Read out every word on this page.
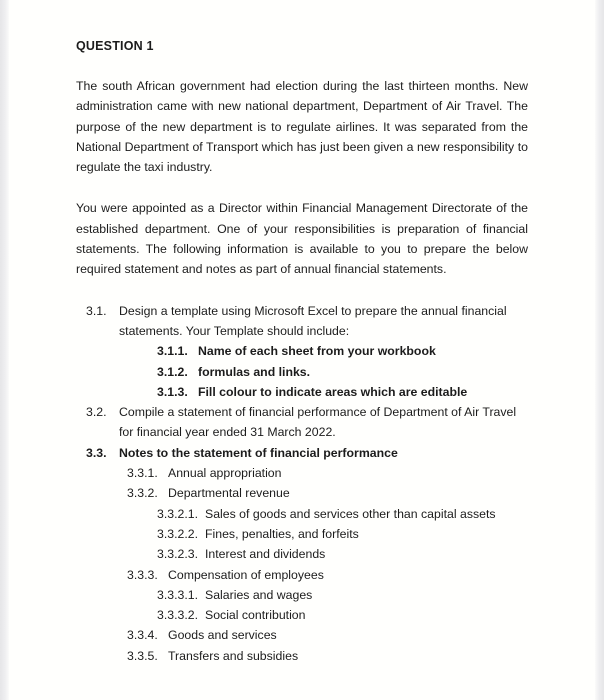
QUESTION 1

The south African government had election during the last thirteen months. New administration came with new national department, Department of Air Travel. The purpose of the new department is to regulate airlines. It was separated from the National Department of Transport which has just been given a new responsibility to regulate the taxi industry.

You were appointed as a Director within Financial Management Directorate of the established department. One of your responsibilities is preparation of financial statements. The following information is available to you to prepare the below required statement and notes as part of annual financial statements.

3.1.	Design a template using Microsoft Excel to prepare the annual financial statements. Your Template should include:
3.1.1. Name of each sheet from your workbook
3.1.2. formulas and links.
3.1.3. Fill colour to indicate areas which are editable
3.2.	Compile a statement of financial performance of Department of Air Travel for financial year ended 31 March 2022.
3.3.	Notes to the statement of financial performance
3.3.1. Annual appropriation
3.3.2. Departmental revenue
3.3.2.1. Sales of goods and services other than capital assets
3.3.2.2. Fines, penalties, and forfeits
3.3.2.3. Interest and dividends
3.3.3. Compensation of employees
3.3.3.1. Salaries and wages
3.3.3.2. Social contribution
3.3.4. Goods and services
3.3.5. Transfers and subsidies
